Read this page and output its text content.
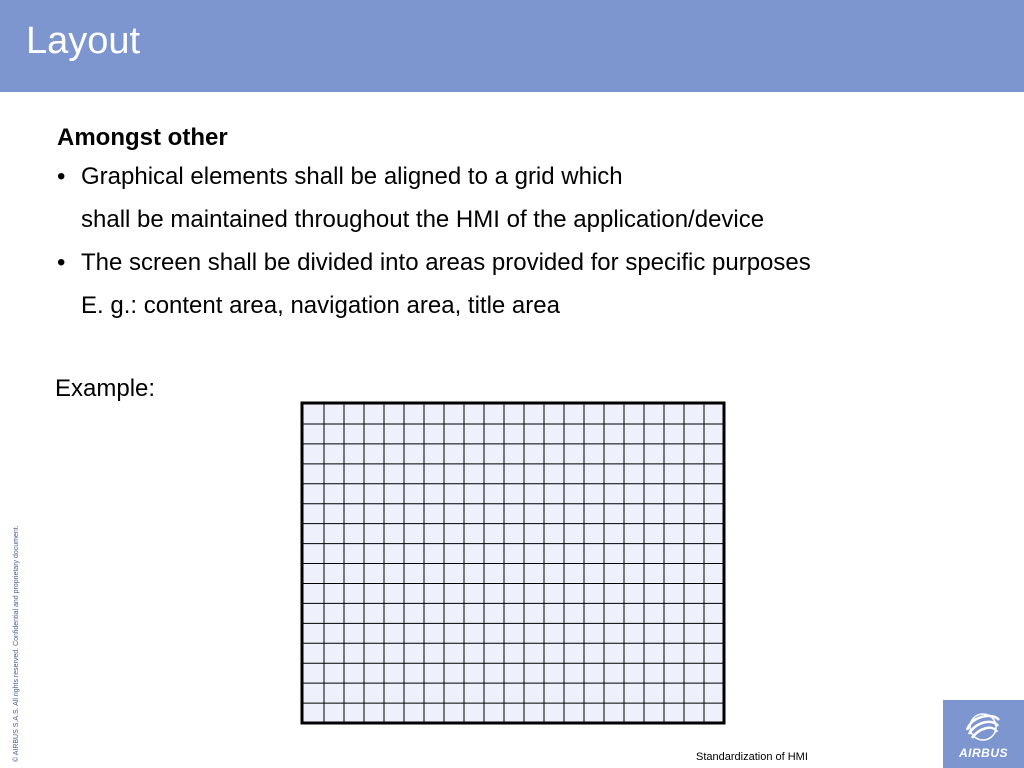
Layout

Amongst other

• Graphical elements shall be aligned to a grid which
shall be maintained throughout the HMI of the application/device
• The screen shall be divided into areas provided for specific purposes
E. g.: content area, navigation area, title area
Example:
© AIRBUS S.A.S. All rights reserved. Confidential and proprietary document.	Standardization of HMI	AIRBUS
